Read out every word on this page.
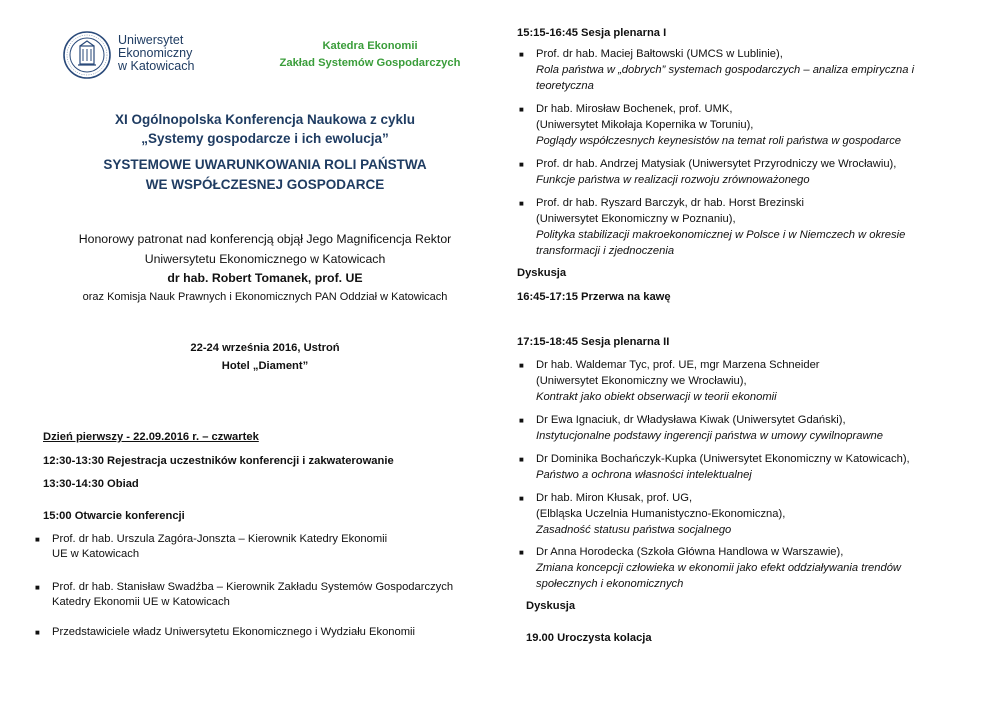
Uniwersytet
Ekonomiczny
w Katowicach
Katedra Ekonomii
Zakład Systemów Gospodarczych
XI Ogólnopolska Konferencja Naukowa z cyklu
„Systemy gospodarcze i ich ewolucja”
SYSTEMOWE UWARUNKOWANIA ROLI PAŃSTWA
WE WSPÓŁCZESNEJ GOSPODARCE
Honorowy patronat nad konferencją objął Jego Magnificencja Rektor
Uniwersytetu Ekonomicznego w Katowicach
dr hab. Robert Tomanek, prof. UE
oraz Komisja Nauk Prawnych i Ekonomicznych PAN Oddział w Katowicach
22-24 września 2016, Ustroń
Hotel „Diament”
Dzień pierwszy - 22.09.2016 r. – czwartek
12:30-13:30 Rejestracja uczestników konferencji i zakwaterowanie
13:30-14:30 Obiad
15:00 Otwarcie konferencji
■ Prof. dr hab. Urszula Zagóra-Jonszta – Kierownik Katedry Ekonomii
UE w Katowicach
■ Prof. dr hab. Stanisław Swadźba – Kierownik Zakładu Systemów Gospodarczych
Katedry Ekonomii UE w Katowicach
■ Przedstawiciele władz Uniwersytetu Ekonomicznego i Wydziału Ekonomii
15:15-16:45 Sesja plenarna I
■ Prof. dr hab. Maciej Bałtowski (UMCS w Lublinie),
Rola państwa w „dobrych” systemach gospodarczych – analiza empiryczna i
teoretyczna
■ Dr hab. Mirosław Bochenek, prof. UMK,
(Uniwersytet Mikołaja Kopernika w Toruniu),
Poglądy współczesnych keynesistów na temat roli państwa w gospodarce
■ Prof. dr hab. Andrzej Matysiak (Uniwersytet Przyrodniczy we Wrocławiu),
Funkcje państwa w realizacji rozwoju zrównoważonego
■ Prof. dr hab. Ryszard Barczyk, dr hab. Horst Brezinski
(Uniwersytet Ekonomiczny w Poznaniu),
Polityka stabilizacji makroekonomicznej w Polsce i w Niemczech w okresie
transformacji i zjednoczenia
Dyskusja
16:45-17:15 Przerwa na kawę
17:15-18:45 Sesja plenarna II
■ Dr hab. Waldemar Tyc, prof. UE, mgr Marzena Schneider
(Uniwersytet Ekonomiczny we Wrocławiu),
Kontrakt jako obiekt obserwacji w teorii ekonomii
■ Dr Ewa Ignaciuk, dr Władysława Kiwak (Uniwersytet Gdański),
Instytucjonalne podstawy ingerencji państwa w umowy cywilnoprawne
■ Dr Dominika Bochańczyk-Kupka (Uniwersytet Ekonomiczny w Katowicach),
Państwo a ochrona własności intelektualnej
■ Dr hab. Miron Kłusak, prof. UG,
(Elbląska Uczelnia Humanistyczno-Ekonomiczna),
Zasadność statusu państwa socjalnego
■ Dr Anna Horodecka (Szkoła Główna Handlowa w Warszawie),
Zmiana koncepcji człowieka w ekonomii jako efekt oddziaływania trendów
społecznych i ekonomicznych
Dyskusja
19.00 Uroczysta kolacja
